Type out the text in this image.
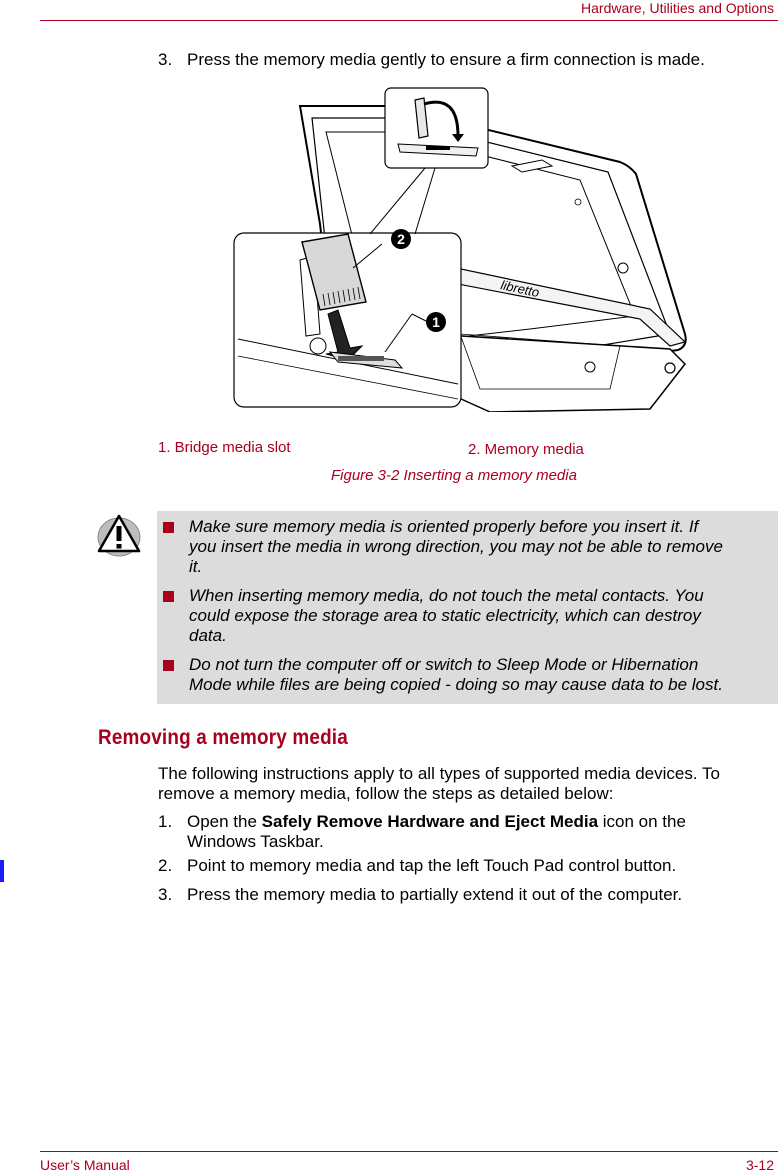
Hardware, Utilities and Options
3. Press the memory media gently to ensure a firm connection is made.
libretto
2
1
1. Bridge media slot	2. Memory media
Figure 3-2 Inserting a memory media
Make sure memory media is oriented properly before you insert it. If
you insert the media in wrong direction, you may not be able to remove
it.
When inserting memory media, do not touch the metal contacts. You
could expose the storage area to static electricity, which can destroy
data.
Do not turn the computer off or switch to Sleep Mode or Hibernation
Mode while files are being copied - doing so may cause data to be lost.
Removing a memory media
The following instructions apply to all types of supported media devices. To
remove a memory media, follow the steps as detailed below:
1. Open the Safely Remove Hardware and Eject Media icon on the
Windows Taskbar.
2. Point to memory media and tap the left Touch Pad control button.
3. Press the memory media to partially extend it out of the computer.
User’s Manual	3-12
